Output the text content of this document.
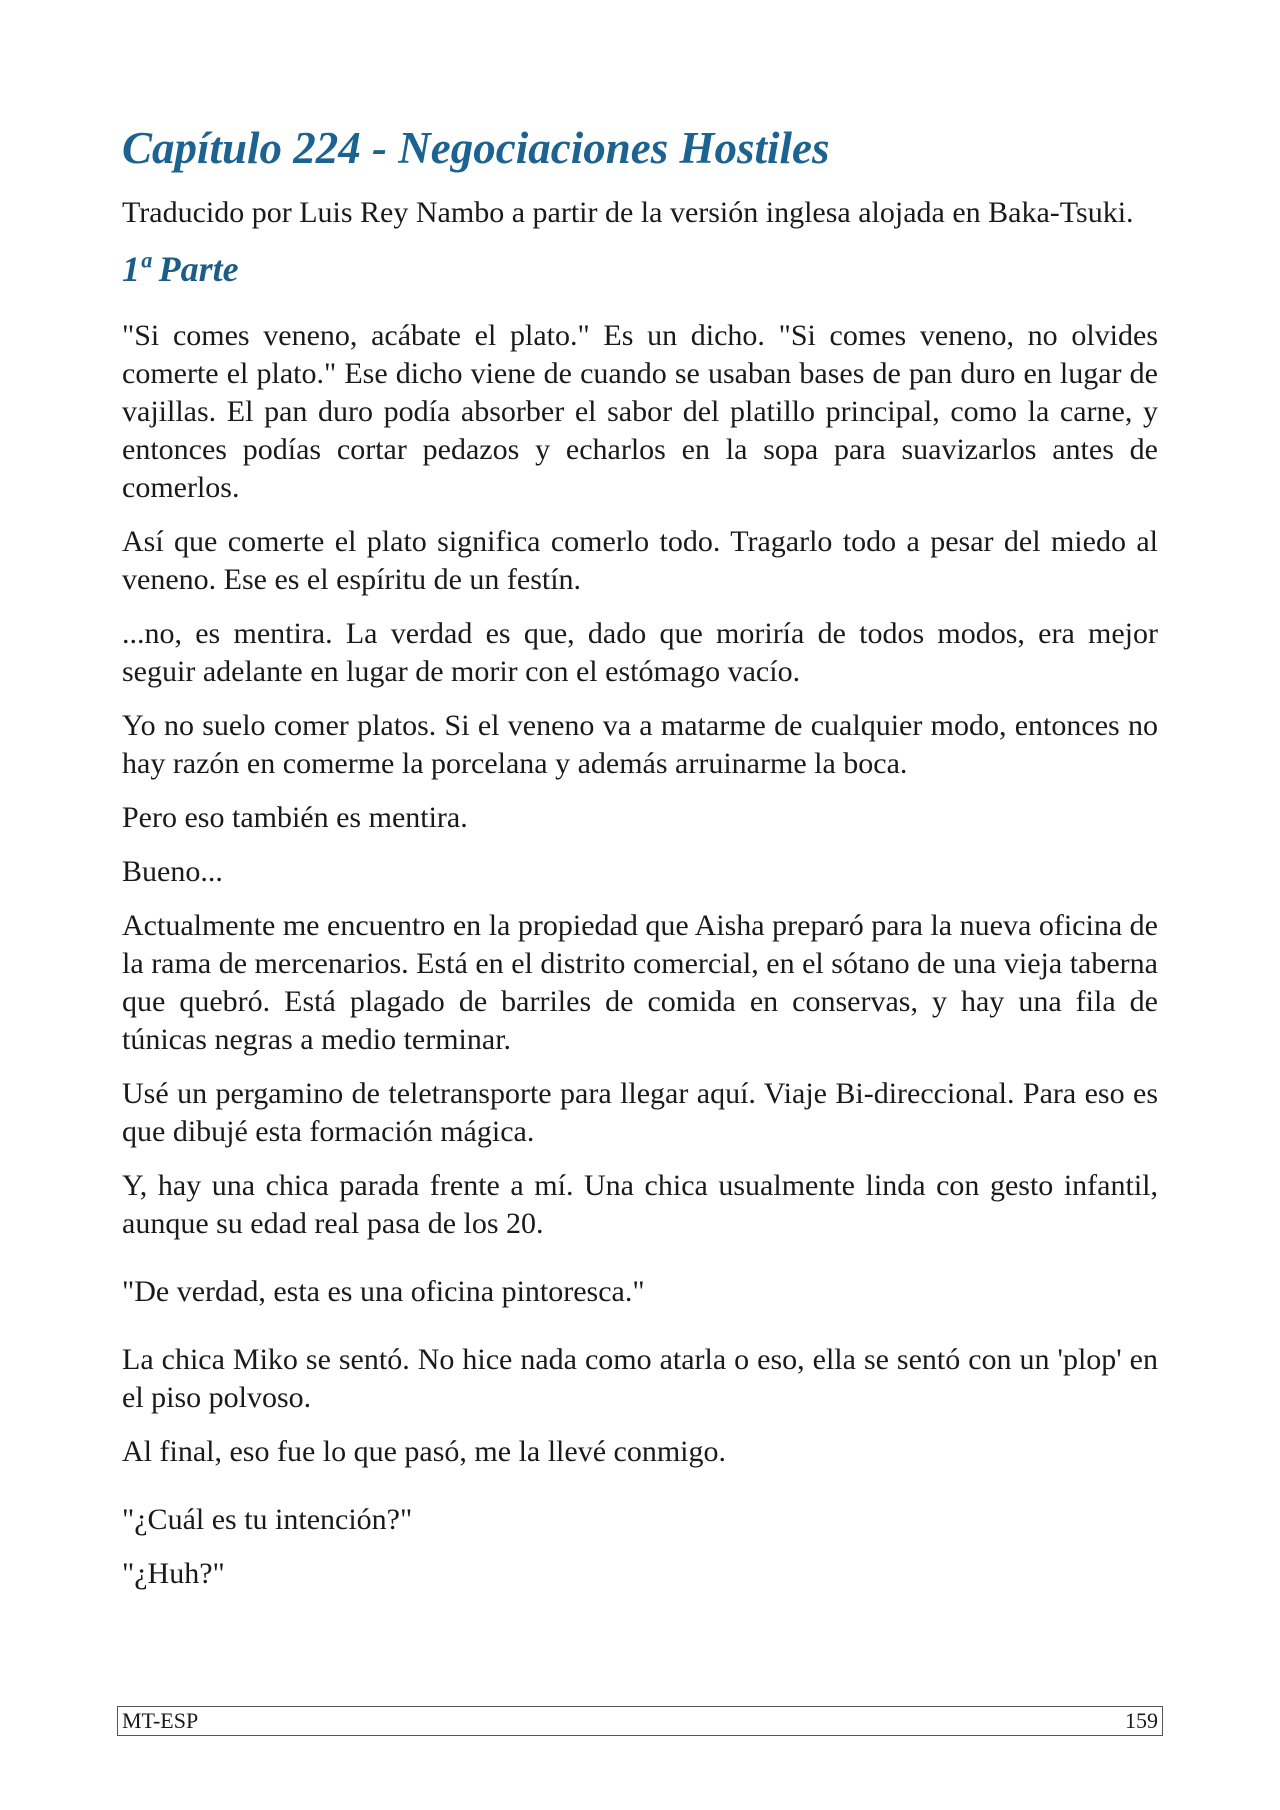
Capítulo 224 - Negociaciones Hostiles

Traducido por Luis Rey Nambo a partir de la versión inglesa alojada en Baka-Tsuki.

1ª Parte

"Si comes veneno, acábate el plato." Es un dicho. "Si comes veneno, no olvides comerte el plato." Ese dicho viene de cuando se usaban bases de pan duro en lugar de vajillas. El pan duro podía absorber el sabor del platillo principal, como la carne, y entonces podías cortar pedazos y echarlos en la sopa para suavizarlos antes de comerlos.

Así que comerte el plato significa comerlo todo. Tragarlo todo a pesar del miedo al veneno. Ese es el espíritu de un festín.

...no, es mentira. La verdad es que, dado que moriría de todos modos, era mejor seguir adelante en lugar de morir con el estómago vacío.

Yo no suelo comer platos. Si el veneno va a matarme de cualquier modo, entonces no hay razón en comerme la porcelana y además arruinarme la boca.

Pero eso también es mentira.

Bueno...

Actualmente me encuentro en la propiedad que Aisha preparó para la nueva oficina de la rama de mercenarios. Está en el distrito comercial, en el sótano de una vieja taberna que quebró. Está plagado de barriles de comida en conservas, y hay una fila de túnicas negras a medio terminar.

Usé un pergamino de teletransporte para llegar aquí. Viaje Bi-direccional. Para eso es que dibujé esta formación mágica.

Y, hay una chica parada frente a mí. Una chica usualmente linda con gesto infantil, aunque su edad real pasa de los 20.

"De verdad, esta es una oficina pintoresca."

La chica Miko se sentó. No hice nada como atarla o eso, ella se sentó con un 'plop' en el piso polvoso.

Al final, eso fue lo que pasó, me la llevé conmigo.

"¿Cuál es tu intención?"

"¿Huh?"

MT-ESP	159
